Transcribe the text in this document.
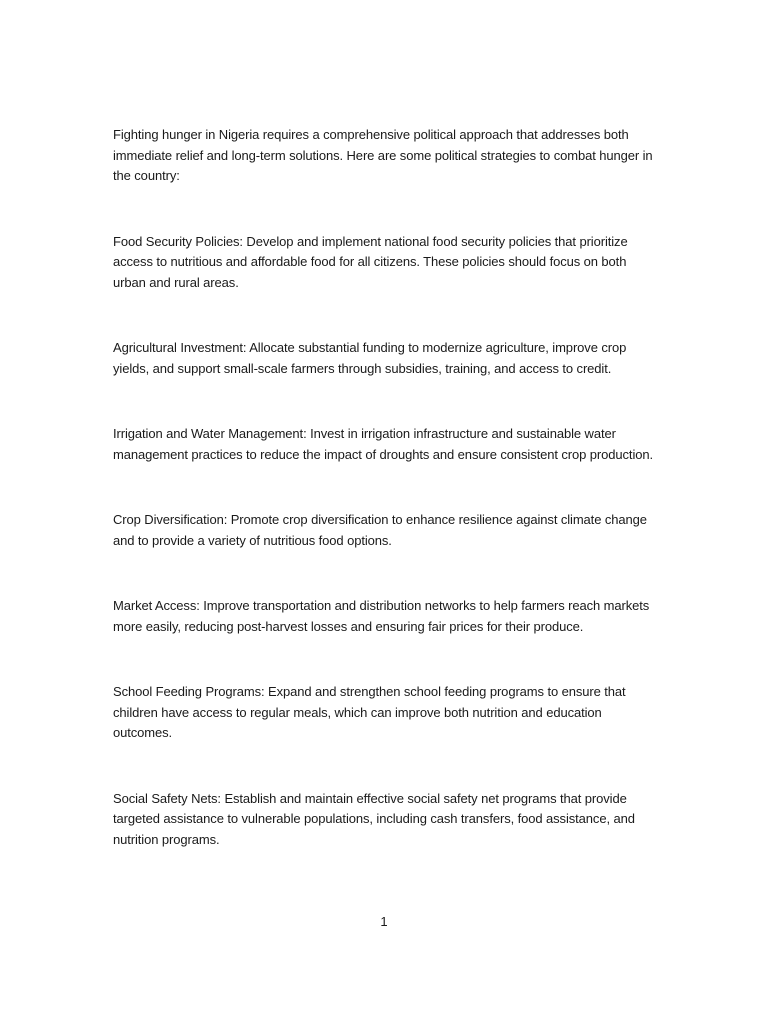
Fighting hunger in Nigeria requires a comprehensive political approach that addresses both immediate relief and long-term solutions. Here are some political strategies to combat hunger in the country:

Food Security Policies: Develop and implement national food security policies that prioritize access to nutritious and affordable food for all citizens. These policies should focus on both urban and rural areas.

Agricultural Investment: Allocate substantial funding to modernize agriculture, improve crop yields, and support small-scale farmers through subsidies, training, and access to credit.

Irrigation and Water Management: Invest in irrigation infrastructure and sustainable water management practices to reduce the impact of droughts and ensure consistent crop production.

Crop Diversification: Promote crop diversification to enhance resilience against climate change and to provide a variety of nutritious food options.

Market Access: Improve transportation and distribution networks to help farmers reach markets more easily, reducing post-harvest losses and ensuring fair prices for their produce.

School Feeding Programs: Expand and strengthen school feeding programs to ensure that children have access to regular meals, which can improve both nutrition and education outcomes.

Social Safety Nets: Establish and maintain effective social safety net programs that provide targeted assistance to vulnerable populations, including cash transfers, food assistance, and nutrition programs.

1
